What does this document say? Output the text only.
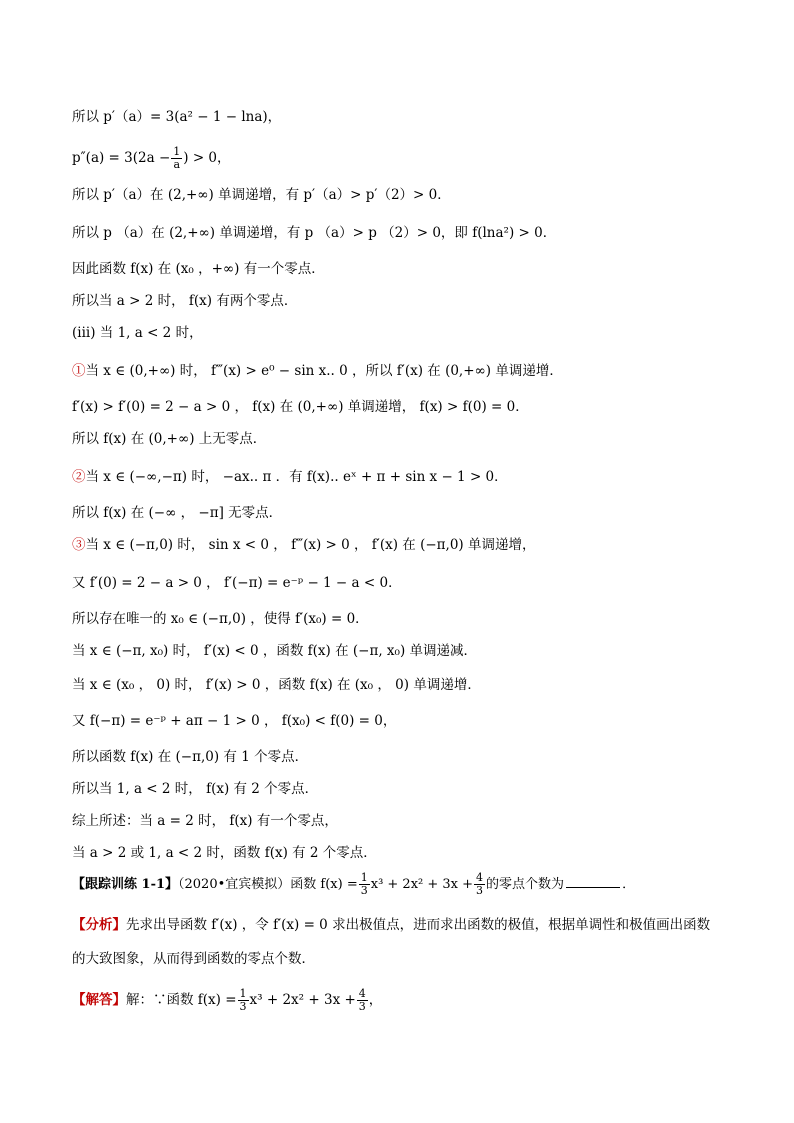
所以 p′（a）= 3(a² − 1 − lna)，
$p''(a) = 3(2a - \frac{1}{a}$ ) > 0，
所以 p′（a）在 (2,+∞) 单调递增，有 p′（a）> p′（2）> 0．
所以 p （a）在 (2,+∞) 单调递增，有 p （a）> p （2）> 0，即 f(lna²) > 0．
因此函数 f(x) 在 (x₀ ，+∞) 有一个零点．
所以当 a > 2 时， f(x) 有两个零点．
(iii) 当 1, a < 2 时，
①当 x ∈ (0,+∞) 时， f‴(x) > e⁰ − sin x.. 0 ，所以 f′(x) 在 (0,+∞) 单调递增．
f′(x) > f′(0) = 2 − a > 0 ， f(x) 在 (0,+∞) 单调递增， f(x) > f(0) = 0．
所以 f(x) 在 (0,+∞) 上无零点．
②当 x ∈ (−∞,−π) 时， −ax.. π ．有 f(x).. eˣ + π + sin x − 1 > 0．
所以 f(x) 在 (−∞ ， −π] 无零点．
③当 x ∈ (−π,0) 时， sin x < 0 ， f‴(x) > 0 ， f′(x) 在 (−π,0) 单调递增，
又 f′(0) = 2 − a > 0 ， f′(−π) = e⁻ᵖ − 1 − a < 0．
所以存在唯一的 x₀ ∈ (−π,0) ，使得 f′(x₀) = 0．
当 x ∈ (−π, x₀) 时， f′(x) < 0 ，函数 f(x) 在 (−π, x₀) 单调递减．
当 x ∈ (x₀ ， 0) 时， f′(x) > 0 ，函数 f(x) 在 (x₀ ， 0) 单调递增．
又 f(−π) = e⁻ᵖ + aπ − 1 > 0 ， f(x₀) < f(0) = 0，
所以函数 f(x) 在 (−π,0) 有 1 个零点．
所以当 1, a < 2 时， f(x) 有 2 个零点．
综上所述：当 a = 2 时， f(x) 有一个零点，
当 a > 2 或 1, a < 2 时，函数 f(x) 有 2 个零点．
【跟踪训练 1-1】（2020•宜宾模拟）函数 $f(x) = \frac{1}{3} x^3 + 2x^2 + 3x + \frac{4}{3}$ 的零点个数为	．
【分析】先求出导函数 f′(x) ，令 f′(x) = 0 求出极值点，进而求出函数的极值，根据单调性和极值画出函数
的大致图象，从而得到函数的零点个数．
【解答】解：∵函数 $f(x) = \frac{1}{3} x^3 + 2x^2 + 3x + \frac{4}{3}$ ，
